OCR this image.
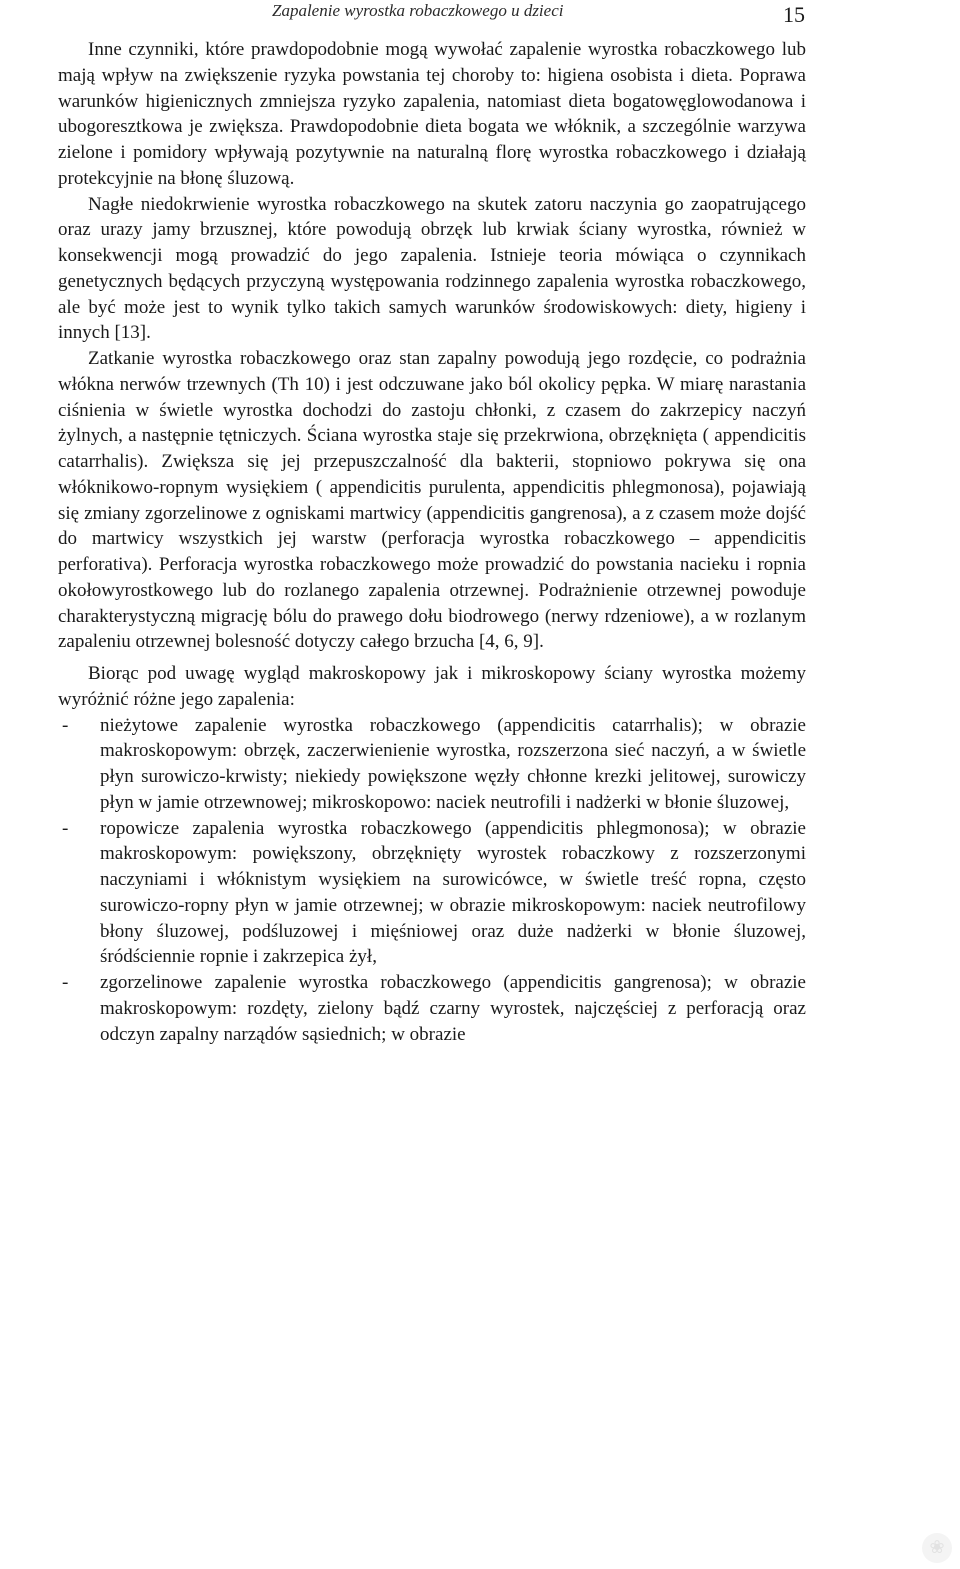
Zapalenie wyrostka robaczkowego u dzieci	15

Inne czynniki, które prawdopodobnie mogą wywołać zapalenie wyrostka robaczkowego lub mają wpływ na zwiększenie ryzyka powstania tej choroby to: higiena osobista i dieta. Poprawa warunków higienicznych zmniejsza ryzyko zapalenia, natomiast dieta bogatowęglowodanowa i ubogoresztkowa je zwiększa. Prawdopodobnie dieta bogata we włóknik, a szczególnie warzywa zielone i pomidory wpływają pozytywnie na naturalną florę wyrostka robaczkowego i działają protekcyjnie na błonę śluzową.

Nagłe niedokrwienie wyrostka robaczkowego na skutek zatoru naczynia go zaopatrującego oraz urazy jamy brzusznej, które powodują obrzęk lub krwiak ściany wyrostka, również w konsekwencji mogą prowadzić do jego zapalenia. Istnieje teoria mówiąca o czynnikach genetycznych będących przyczyną występowania rodzinnego zapalenia wyrostka robaczkowego, ale być może jest to wynik tylko takich samych warunków środowiskowych: diety, higieny i innych [13].

Zatkanie wyrostka robaczkowego oraz stan zapalny powodują jego rozdęcie, co podrażnia włókna nerwów trzewnych (Th 10) i jest odczuwane jako ból okolicy pępka. W miarę narastania ciśnienia w świetle wyrostka dochodzi do zastoju chłonki, z czasem do zakrzepicy naczyń żylnych, a następnie tętniczych. Ściana wyrostka staje się przekrwiona, obrzęknięta ( appendicitis catarrhalis). Zwiększa się jej przepuszczalność dla bakterii, stopniowo pokrywa się ona włóknikowo-ropnym wysiękiem ( appendicitis purulenta, appendicitis phlegmonosa), pojawiają się zmiany zgorzelinowe z ogniskami martwicy (appendicitis gangrenosa), a z czasem może dojść do martwicy wszystkich jej warstw (perforacja wyrostka robaczkowego – appendicitis perforativa). Perforacja wyrostka robaczkowego może prowadzić do powstania nacieku i ropnia okołowyrostkowego lub do rozlanego zapalenia otrzewnej. Podrażnienie otrzewnej powoduje charakterystyczną migrację bólu do prawego dołu biodrowego (nerwy rdzeniowe), a w rozlanym zapaleniu otrzewnej bolesność dotyczy całego brzucha [4, 6, 9].

Biorąc pod uwagę wygląd makroskopowy jak i mikroskopowy ściany wyrostka możemy wyróżnić różne jego zapalenia:

- nieżytowe zapalenie wyrostka robaczkowego (appendicitis catarrhalis); w obrazie makroskopowym: obrzęk, zaczerwienienie wyrostka, rozszerzona sieć naczyń, a w świetle płyn surowiczo-krwisty; niekiedy powiększone węzły chłonne krezki jelitowej, surowiczy płyn w jamie otrzewnowej; mikroskopowo: naciek neutrofili i nadżerki w błonie śluzowej,
- ropowicze zapalenia wyrostka robaczkowego (appendicitis phlegmonosa); w obrazie makroskopowym: powiększony, obrzęknięty wyrostek robaczkowy z rozszerzonymi naczyniami i włóknistym wysiękiem na surowicówce, w świetle treść ropna, często surowiczo-ropny płyn w jamie otrzewnej; w obrazie mikroskopowym: naciek neutrofilowy błony śluzowej, podśluzowej i mięśniowej oraz duże nadżerki w błonie śluzowej, śródściennie ropnie i zakrzepica żył,
- zgorzelinowe zapalenie wyrostka robaczkowego (appendicitis gangrenosa); w obrazie makroskopowym: rozdęty, zielony bądź czarny wyrostek, najczęściej z perforacją oraz odczyn zapalny narządów sąsiednich; w obrazie
❀
